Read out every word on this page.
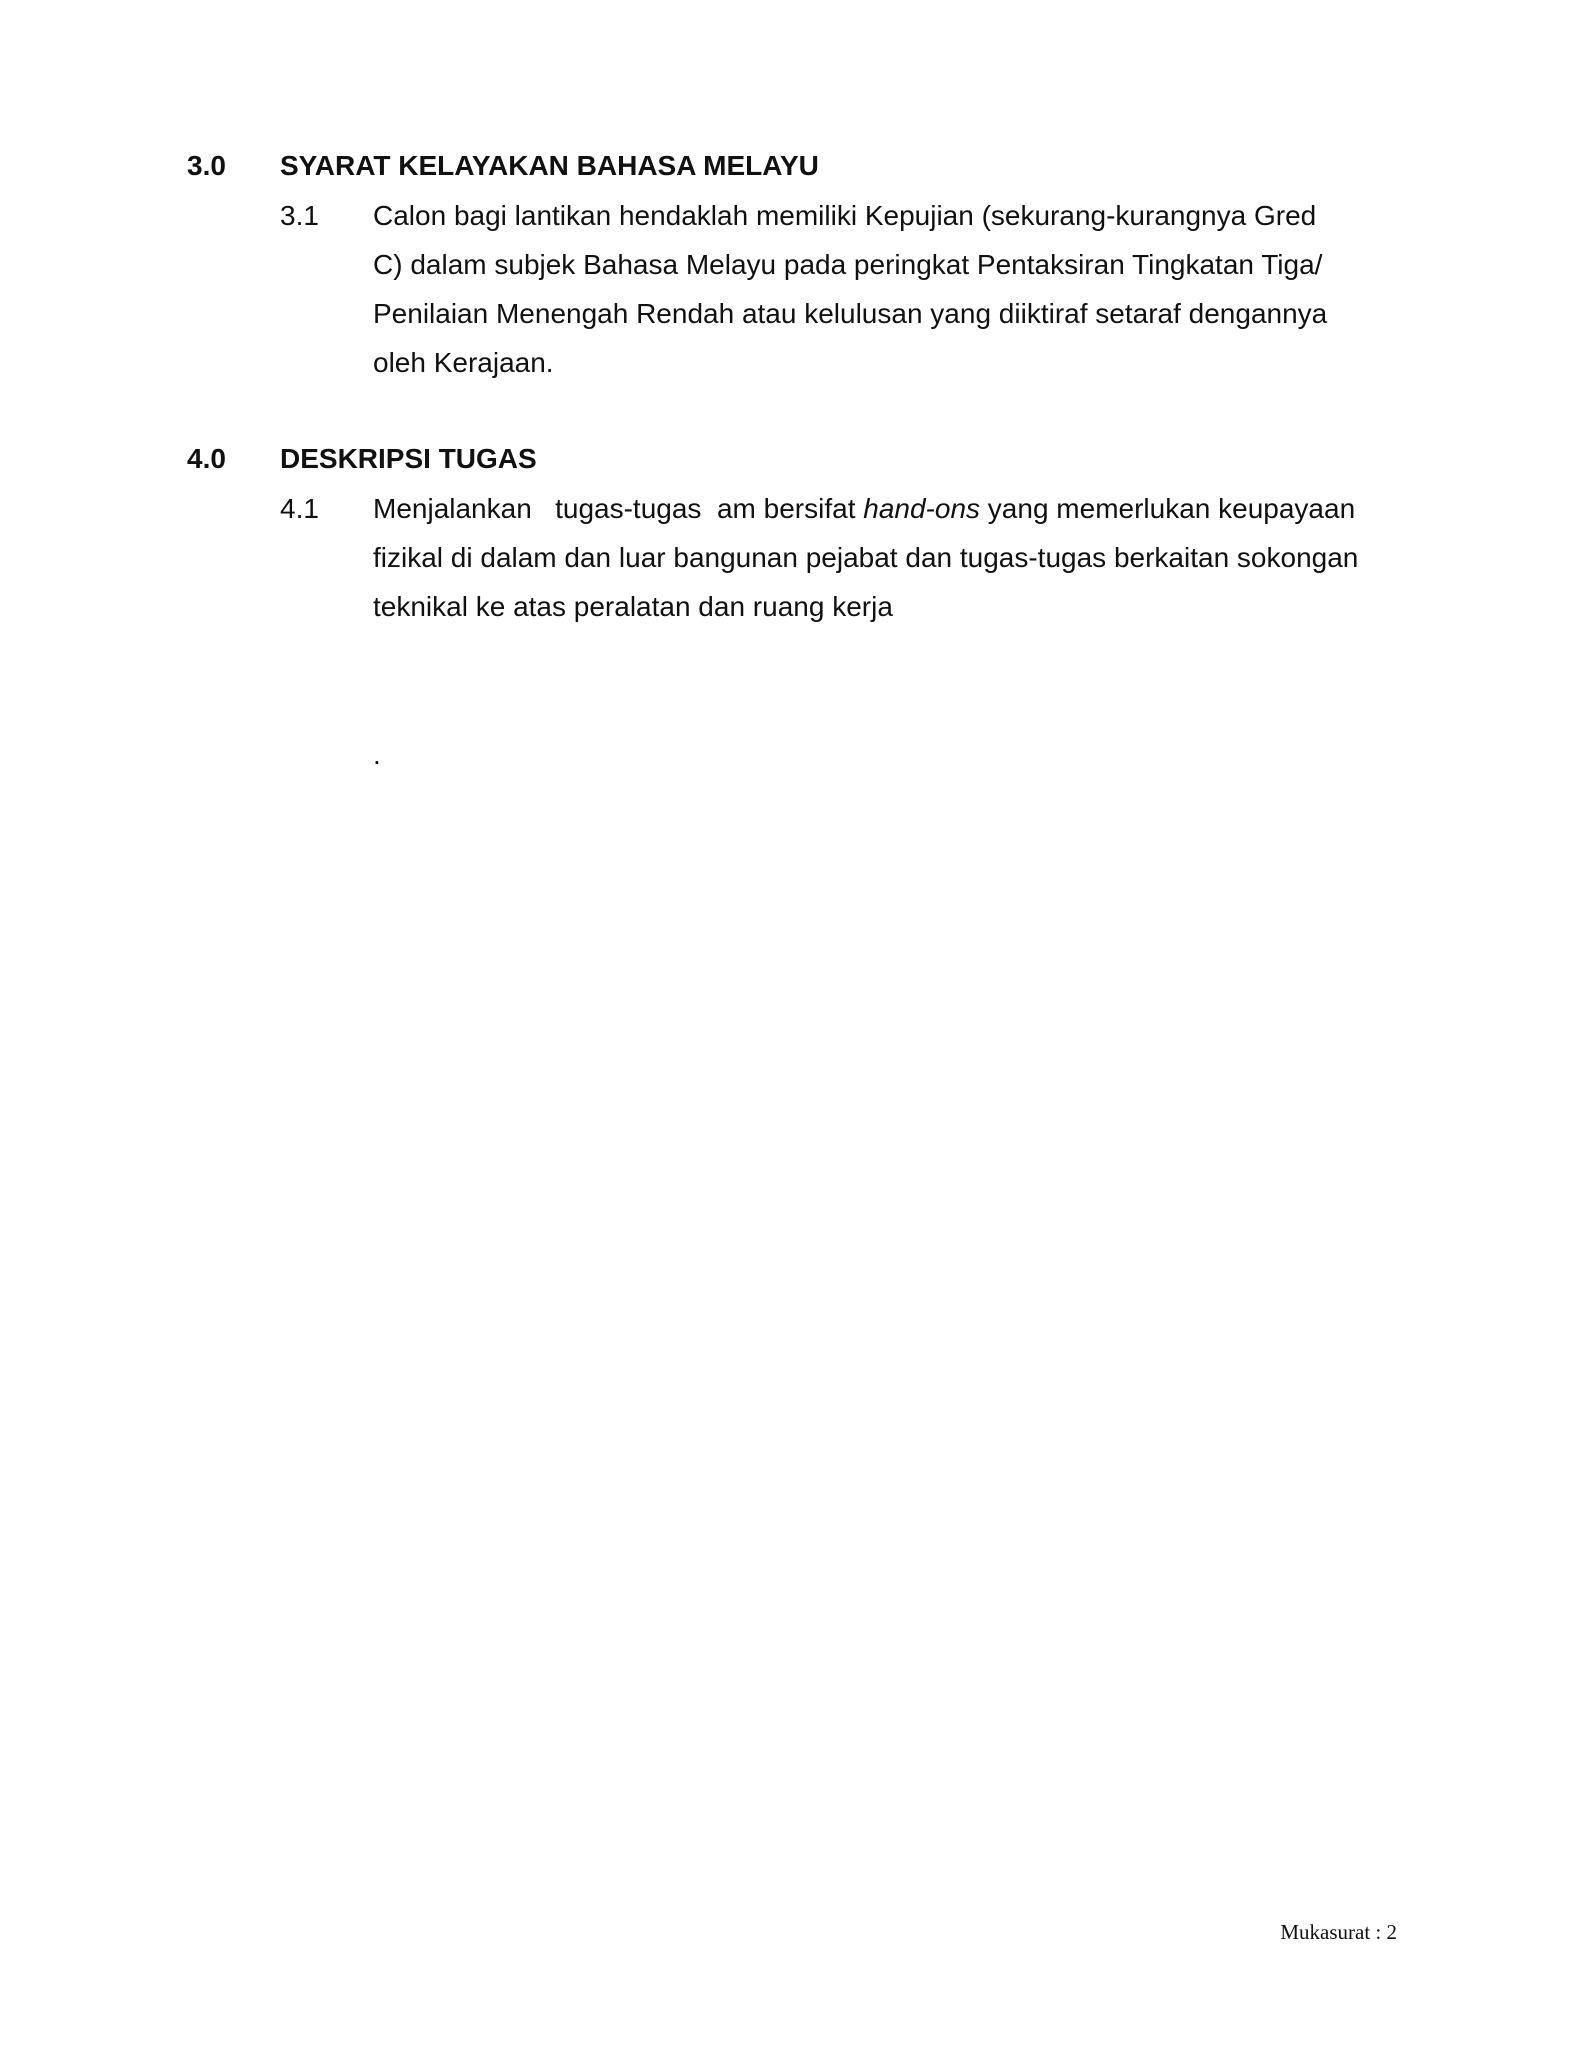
3.0 SYARAT KELAYAKAN BAHASA MELAYU
3.1 Calon bagi lantikan hendaklah memiliki Kepujian (sekurang-kurangnya Gred
C) dalam subjek Bahasa Melayu pada peringkat Pentaksiran Tingkatan Tiga/
Penilaian Menengah Rendah atau kelulusan yang diiktiraf setaraf dengannya
oleh Kerajaan.
4.0 DESKRIPSI TUGAS
4.1 Menjalankan   tugas-tugas  am bersifat hand-ons yang memerlukan keupayaan
fizikal di dalam dan luar bangunan pejabat dan tugas-tugas berkaitan sokongan
teknikal ke atas peralatan dan ruang kerja
.
Mukasurat : 2
